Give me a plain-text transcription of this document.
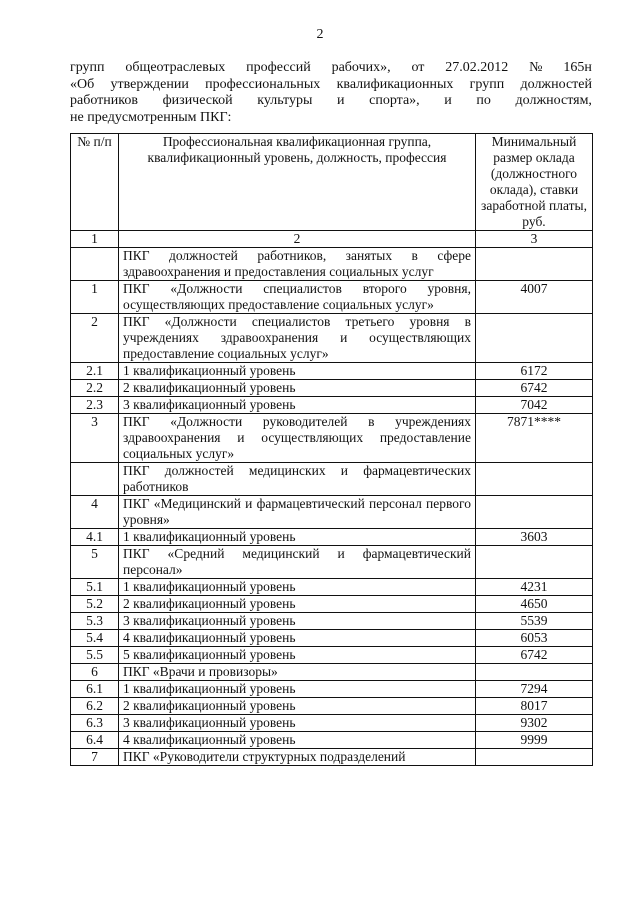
2
групп общеотраслевых профессий рабочих», от 27.02.2012 № 165н
«Об утверждении профессиональных квалификационных групп должностей
работников физической культуры и спорта», и по должностям,
не предусмотренным ПКГ:
№ п/п	Профессиональная квалификационная группа, квалификационный уровень, должность, профессия	Минимальный размер оклада (должностного оклада), ставки заработной платы, руб.
1	2	3
	ПКГ должностей работников, занятых в сфере здравоохранения и предоставления социальных услуг	
1	ПКГ «Должности специалистов второго уровня, осуществляющих предоставление социальных услуг»	4007
2	ПКГ «Должности специалистов третьего уровня в учреждениях здравоохранения и осуществляющих предоставление социальных услуг»	
2.1	1 квалификационный уровень	6172
2.2	2 квалификационный уровень	6742
2.3	3 квалификационный уровень	7042
3	ПКГ «Должности руководителей в учреждениях здравоохранения и осуществляющих предоставление социальных услуг»	7871****
	ПКГ должностей медицинских и фармацевтических работников	
4	ПКГ «Медицинский и фармацевтический персонал первого уровня»	
4.1	1 квалификационный уровень	3603
5	ПКГ «Средний медицинский и фармацевтический персонал»	
5.1	1 квалификационный уровень	4231
5.2	2 квалификационный уровень	4650
5.3	3 квалификационный уровень	5539
5.4	4 квалификационный уровень	6053
5.5	5 квалификационный уровень	6742
6	ПКГ «Врачи и провизоры»	
6.1	1 квалификационный уровень	7294
6.2	2 квалификационный уровень	8017
6.3	3 квалификационный уровень	9302
6.4	4 квалификационный уровень	9999
7	ПКГ «Руководители структурных подразделений	
